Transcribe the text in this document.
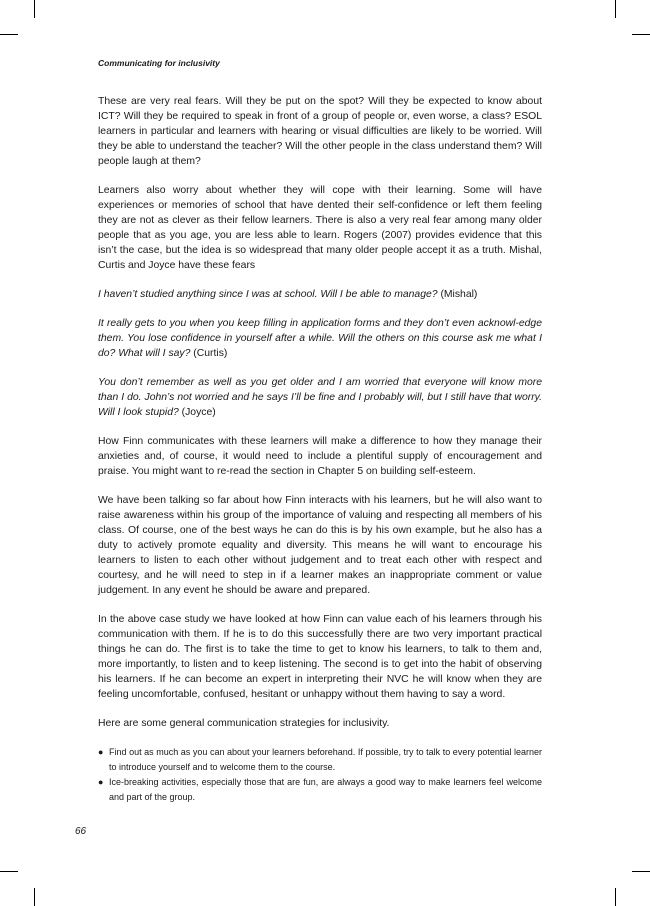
Communicating for inclusivity

These are very real fears. Will they be put on the spot? Will they be expected to know about ICT? Will they be required to speak in front of a group of people or, even worse, a class? ESOL learners in particular and learners with hearing or visual difficulties are likely to be worried. Will they be able to understand the teacher? Will the other people in the class understand them? Will people laugh at them?

Learners also worry about whether they will cope with their learning. Some will have experiences or memories of school that have dented their self-confidence or left them feeling they are not as clever as their fellow learners. There is also a very real fear among many older people that as you age, you are less able to learn. Rogers (2007) provides evidence that this isn’t the case, but the idea is so widespread that many older people accept it as a truth. Mishal, Curtis and Joyce have these fears

I haven’t studied anything since I was at school. Will I be able to manage? (Mishal)

It really gets to you when you keep filling in application forms and they don’t even acknowl-edge them. You lose confidence in yourself after a while. Will the others on this course ask me what I do? What will I say? (Curtis)

You don’t remember as well as you get older and I am worried that everyone will know more than I do. John’s not worried and he says I’ll be fine and I probably will, but I still have that worry. Will I look stupid? (Joyce)

How Finn communicates with these learners will make a difference to how they manage their anxieties and, of course, it would need to include a plentiful supply of encouragement and praise. You might want to re-read the section in Chapter 5 on building self-esteem.

We have been talking so far about how Finn interacts with his learners, but he will also want to raise awareness within his group of the importance of valuing and respecting all members of his class. Of course, one of the best ways he can do this is by his own example, but he also has a duty to actively promote equality and diversity. This means he will want to encourage his learners to listen to each other without judgement and to treat each other with respect and courtesy, and he will need to step in if a learner makes an inappropriate comment or value judgement. In any event he should be aware and prepared.

In the above case study we have looked at how Finn can value each of his learners through his communication with them. If he is to do this successfully there are two very important practical things he can do. The first is to take the time to get to know his learners, to talk to them and, more importantly, to listen and to keep listening. The second is to get into the habit of observing his learners. If he can become an expert in interpreting their NVC he will know when they are feeling uncomfortable, confused, hesitant or unhappy without them having to say a word.

Here are some general communication strategies for inclusivity.

● Find out as much as you can about your learners beforehand. If possible, try to talk to every potential learner to introduce yourself and to welcome them to the course.
● Ice-breaking activities, especially those that are fun, are always a good way to make learners feel welcome and part of the group.
66
